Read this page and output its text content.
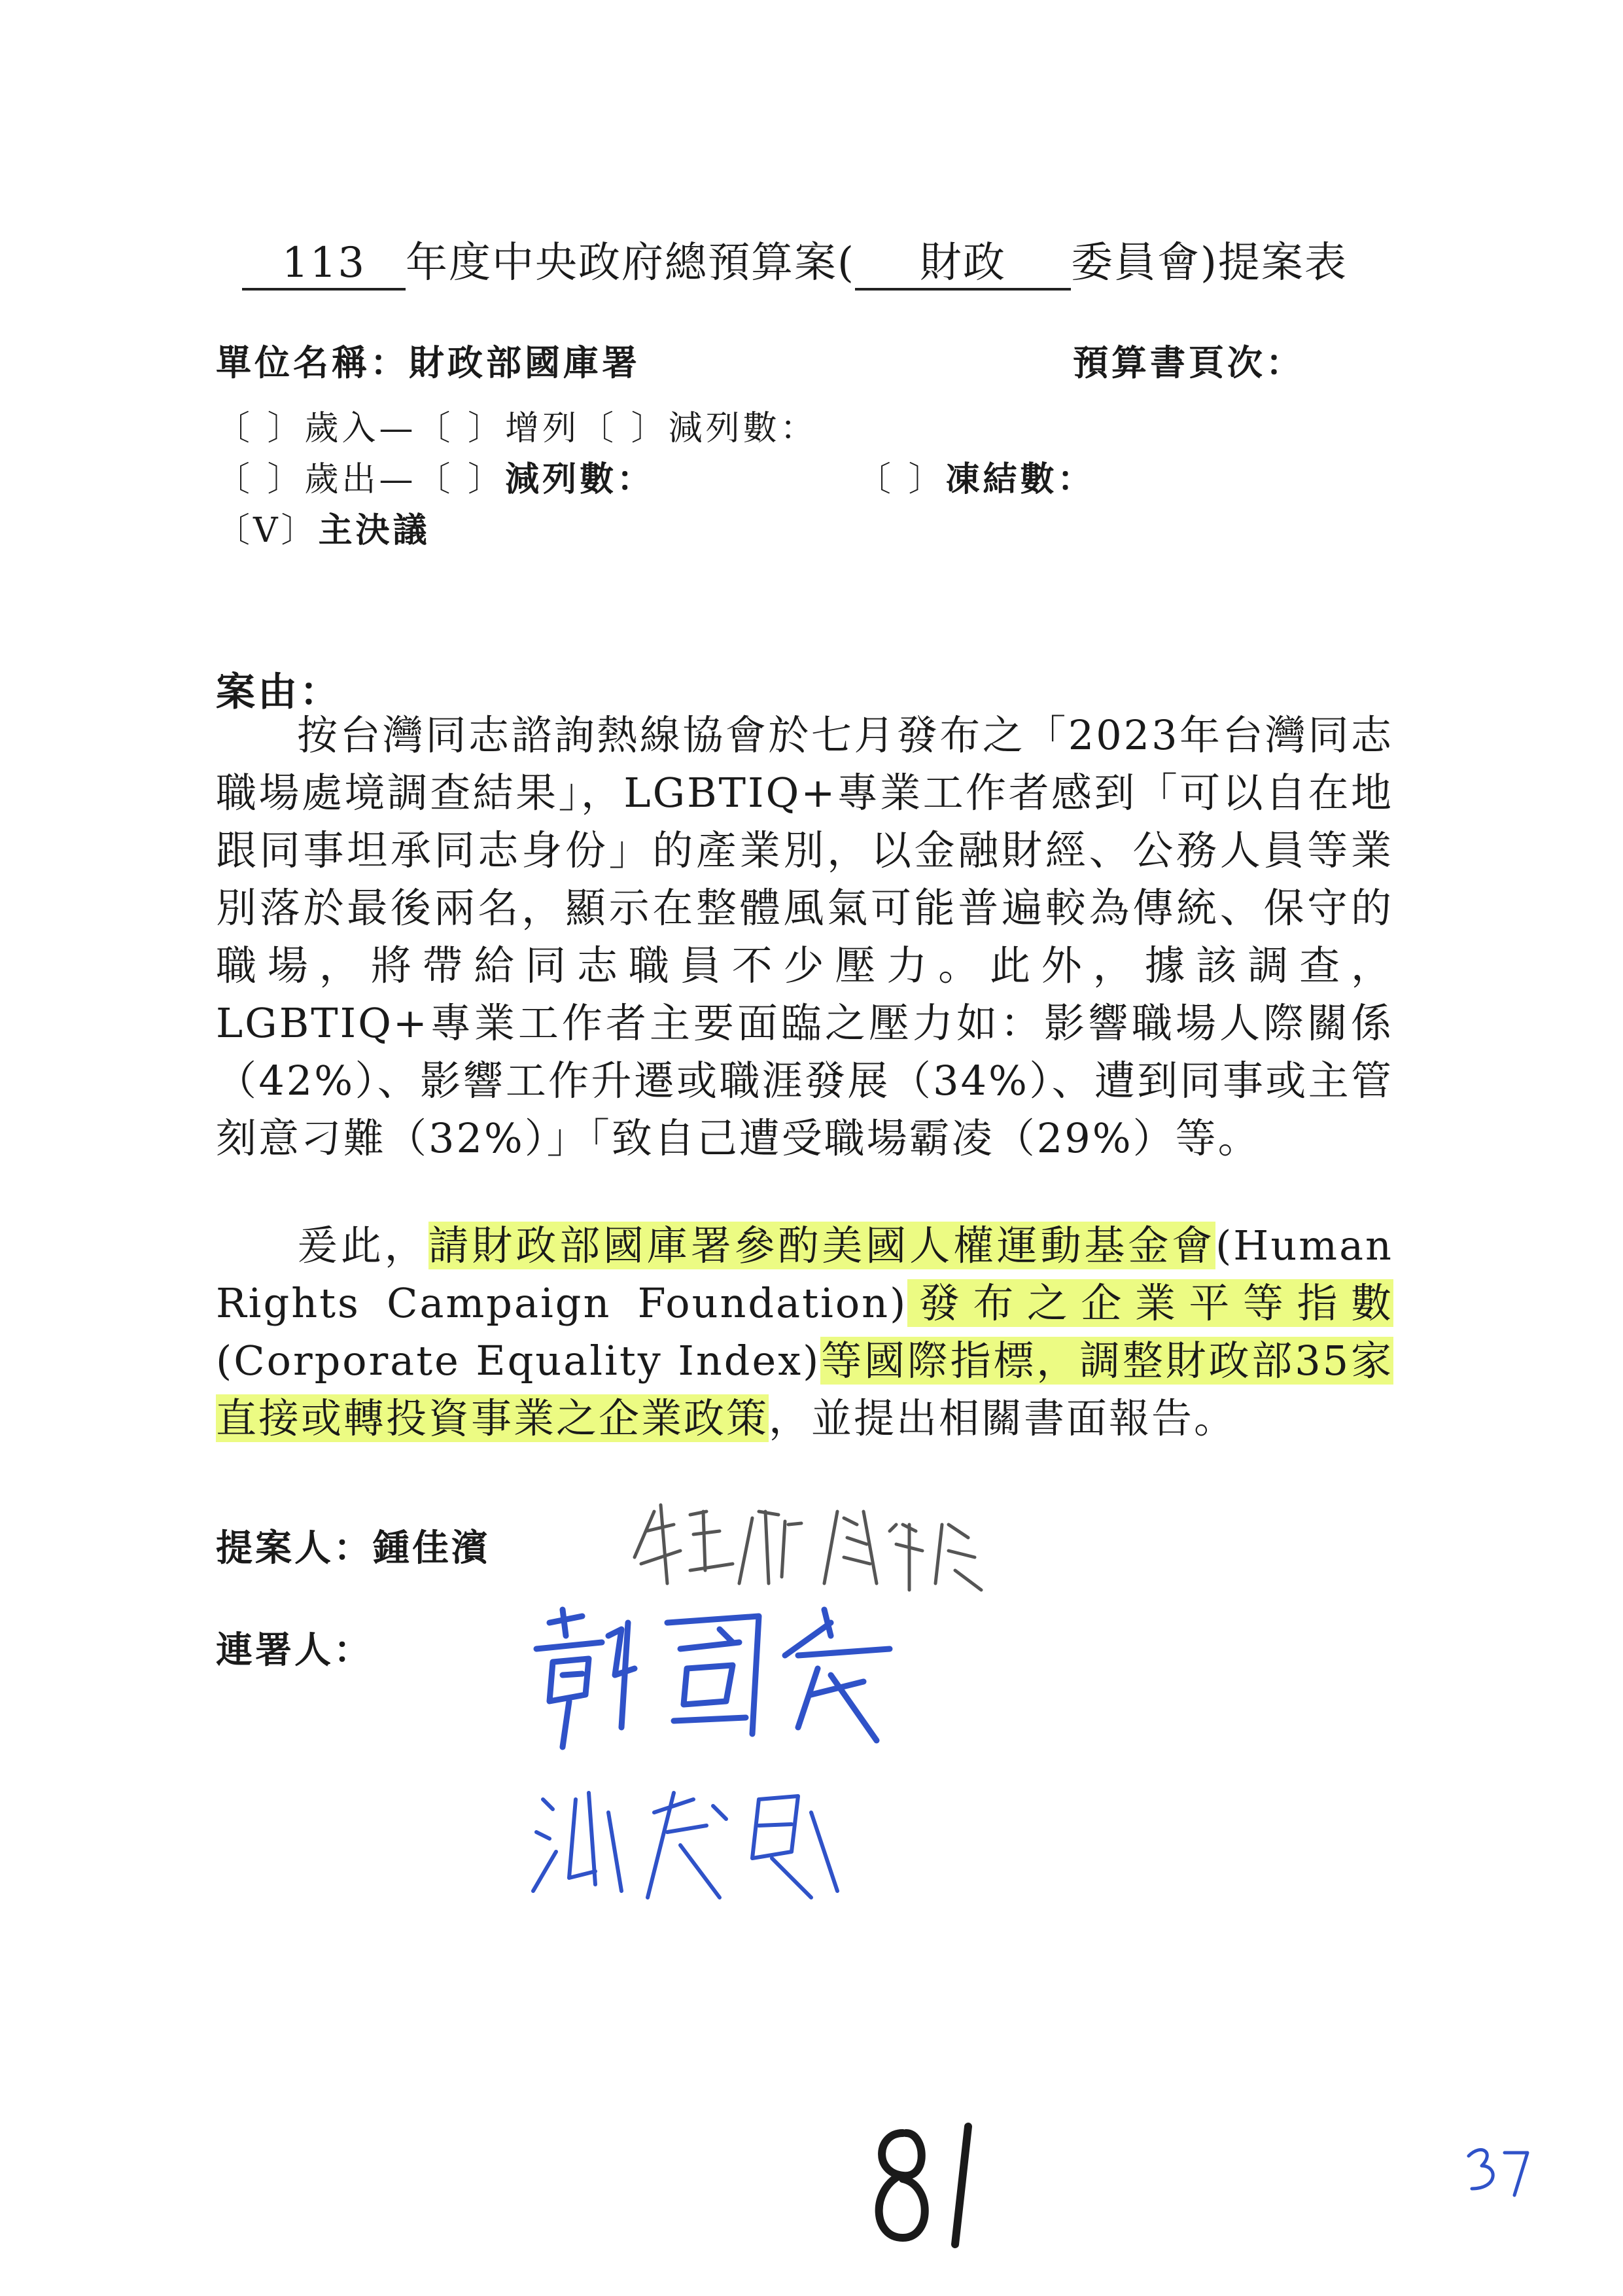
113 年度中央政府總預算案( 財政 委員會)提案表
單位名稱：財政部國庫署	預算書頁次：
〔 〕歲入—〔 〕增列〔 〕減列數：
〔 〕歲出—〔 〕減列數：	〔 〕凍結數：
〔V〕主決議
案由：

按台灣同志諮詢熱線協會於七月發布之「2023年台灣同志職場處境調查結果」，LGBTIQ+專業工作者感到「可以自在地跟同事坦承同志身份」的產業別，以金融財經、公務人員等業別落於最後兩名，顯示在整體風氣可能普遍較為傳統、保守的職場，將帶給同志職員不少壓力。此外，據該調查，LGBTIQ+專業工作者主要面臨之壓力如：影響職場人際關係（42%）、影響工作升遷或職涯發展（34%）、遭到同事或主管刻意刁難（32%）」「致自己遭受職場霸凌（29%）等。

爰此，請財政部國庫署參酌美國人權運動基金會(Human Rights Campaign Foundation)發布之企業平等指數(Corporate Equality Index)等國際指標，調整財政部35家直接或轉投資事業之企業政策，並提出相關書面報告。

提案人：鍾佳濱
連署人：
